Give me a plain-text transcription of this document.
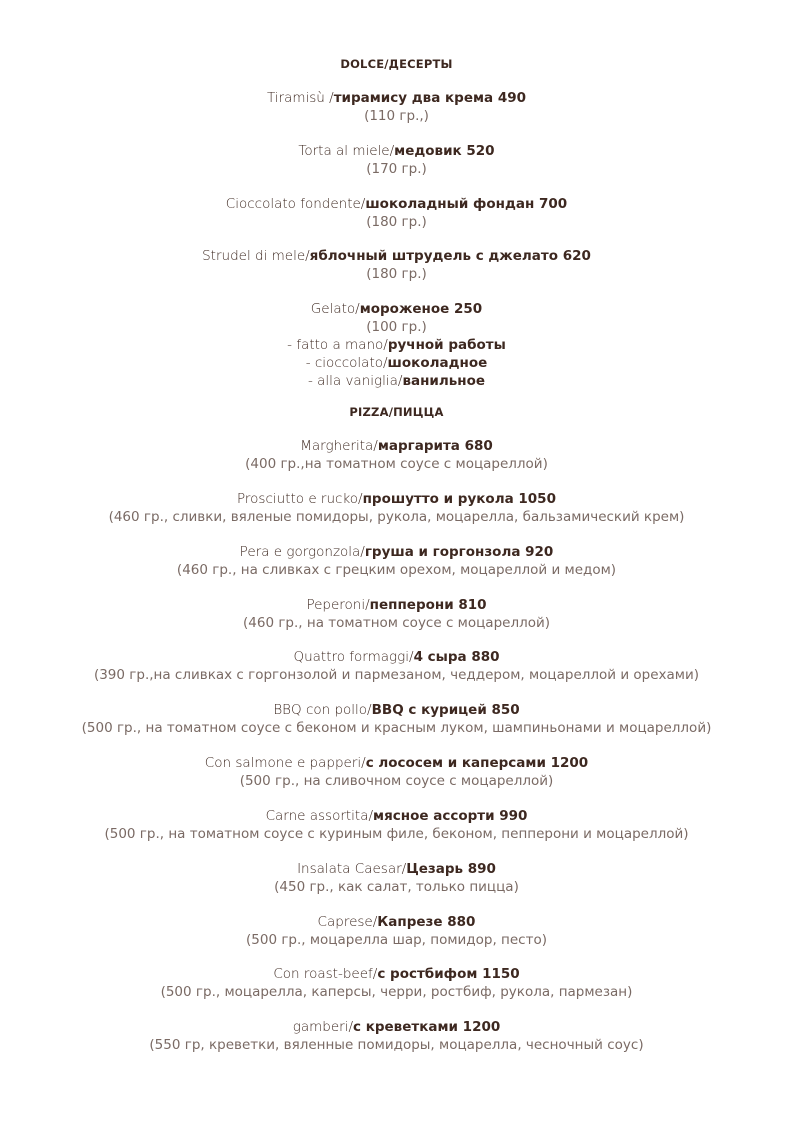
DOLCE/ДЕСЕРТЫ
Tiramisù /тирамису два крема 490
(110 гр.,)
Torta al miele/медовик 520
(170 гр.)
Cioccolato fondente/шоколадный фондан 700
(180 гр.)
Strudel di mele/яблочный штрудель с джелато 620
(180 гр.)
Gelato/мороженое 250
(100 гр.)
- fatto a mano/ручной работы
- cioccolato/шоколадное
- alla vaniglia/ванильное
PIZZA/ПИЦЦА
Margherita/маргарита 680
(400 гр.,на томатном соусе с моцареллой)
Prosciutto e rucko/прошутто и рукола 1050
(460 гр., сливки, вяленые помидоры, рукола, моцарелла, бальзамический крем)
Pera e gorgonzola/груша и горгонзола 920
(460 гр., на сливках с грецким орехом, моцареллой и медом)
Peperoni/пепперони 810
(460 гр., на томатном соусе с моцареллой)
Quattro formaggi/4 сыра 880
(390 гр.,на сливках с горгонзолой и пармезаном, чеддером, моцареллой и орехами)
BBQ con pollo/BBQ с курицей 850
(500 гр., на томатном соусе с беконом и красным луком, шампиньонами и моцареллой)
Con salmone e papperi/с лососем и каперсами 1200
(500 гр., на сливочном соусе с моцареллой)
Carne assortita/мясное ассорти 990
(500 гр., на томатном соусе с куриным филе, беконом, пепперони и моцареллой)
Insalata Caesar/Цезарь 890
(450 гр., как салат, только пицца)
Caprese/Капрезе 880
(500 гр., моцарелла шар, помидор, песто)
Con roast-beef/с ростбифом 1150
(500 гр., моцарелла, каперсы, черри, ростбиф, рукола, пармезан)
gamberi/с креветками 1200
(550 гр, креветки, вяленные помидоры, моцарелла, чесночный соус)
